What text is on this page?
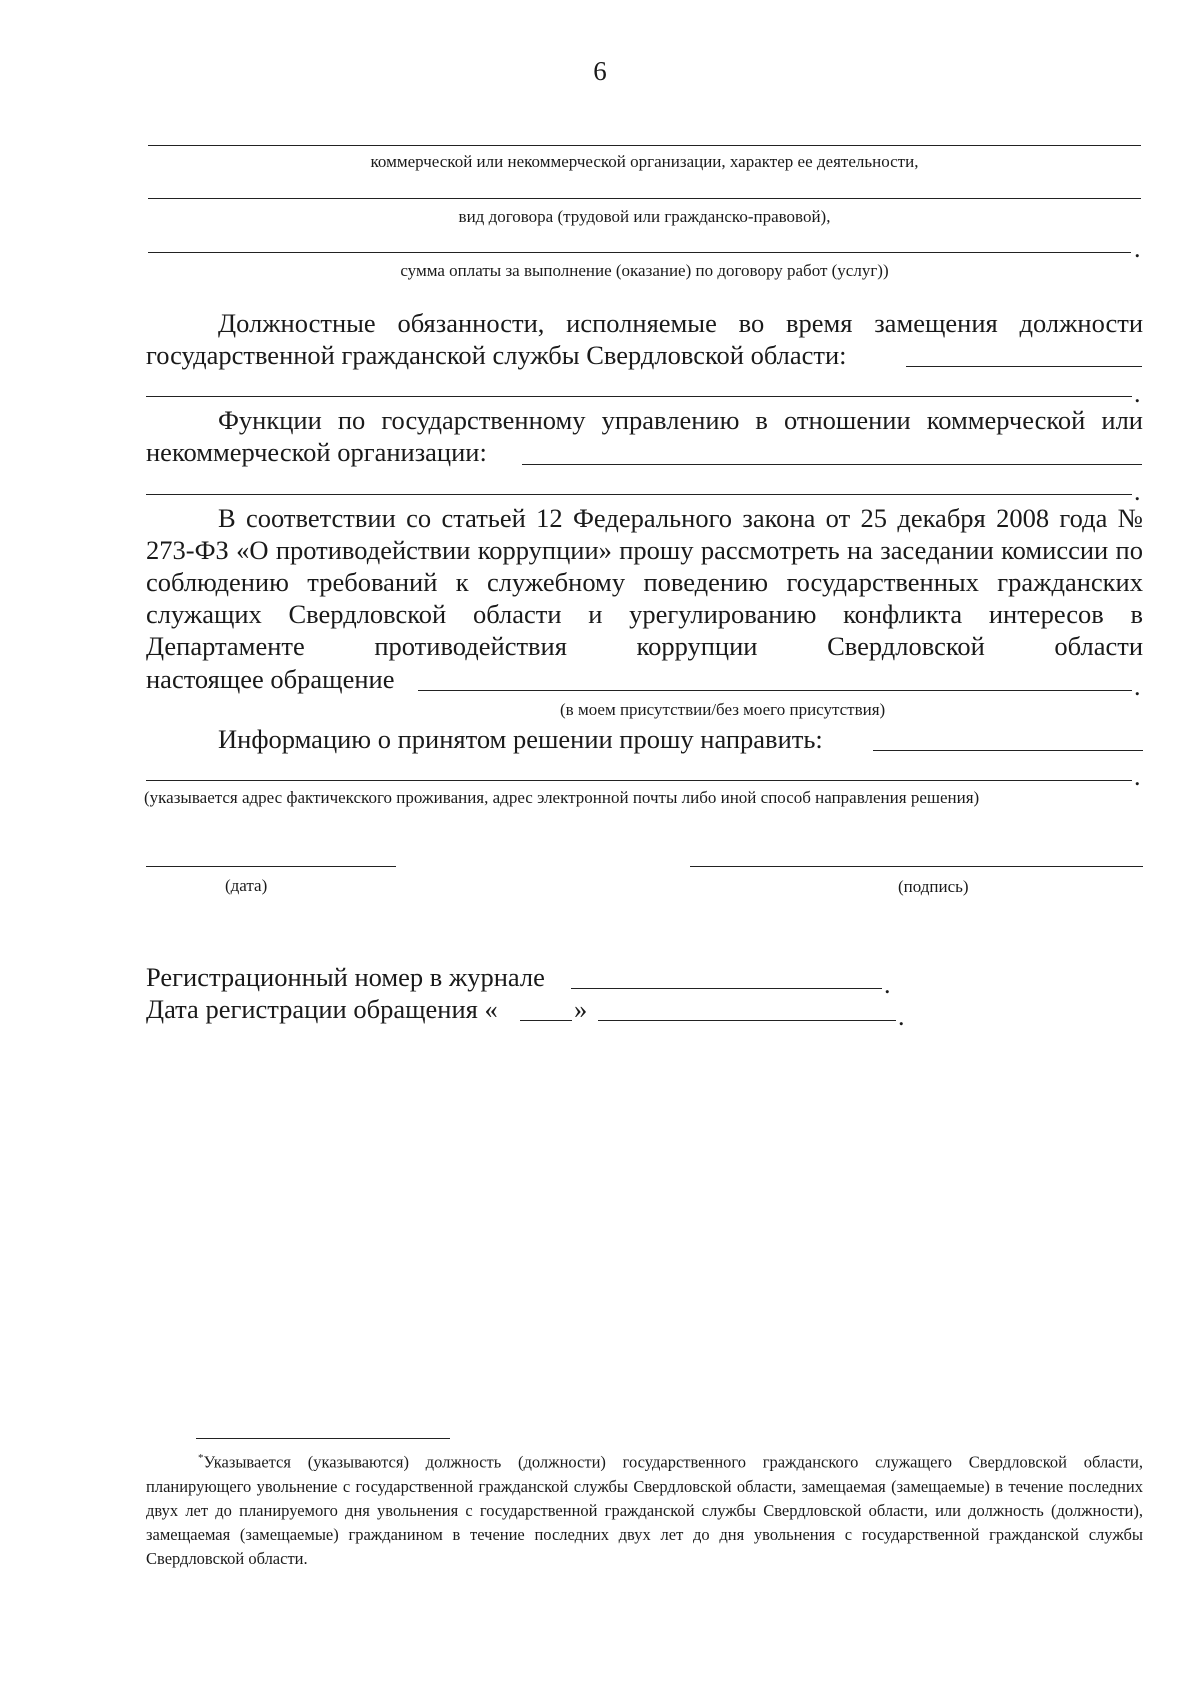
6
коммерческой или некоммерческой организации, характер ее деятельности,
вид договора (трудовой или гражданско-правовой),
.
сумма оплаты за выполнение (оказание) по договору работ (услуг))
Должностные обязанности, исполняемые во время замещения должности
государственной гражданской службы Свердловской области:
.
Функции по государственному управлению в отношении коммерческой или
некоммерческой организации:
.
В соответствии со статьей 12 Федерального закона от 25 декабря 2008 года № 273-ФЗ «О противодействии коррупции» прошу рассмотреть на заседании комиссии по соблюдению требований к служебному поведению государственных гражданских служащих Свердловской области и урегулированию конфликта интересов в Департаменте противодействия коррупции Свердловской области
настоящее обращение	.
(в моем присутствии/без моего присутствия)
Информацию о принятом решении прошу направить:
.
(указывается адрес фактичекского проживания, адрес электронной почты либо иной способ направления решения)
(дата)	(подпись)
Регистрационный номер в журнале	.
Дата регистрации обращения «	»	.
*Указывается (указываются) должность (должности) государственного гражданского служащего Свердловской области, планирующего увольнение с государственной гражданской службы Свердловской области, замещаемая (замещаемые) в течение последних двух лет до планируемого дня увольнения с государственной гражданской службы Свердловской области, или должность (должности), замещаемая (замещаемые) гражданином в течение последних двух лет до дня увольнения с государственной гражданской службы Свердловской области.
